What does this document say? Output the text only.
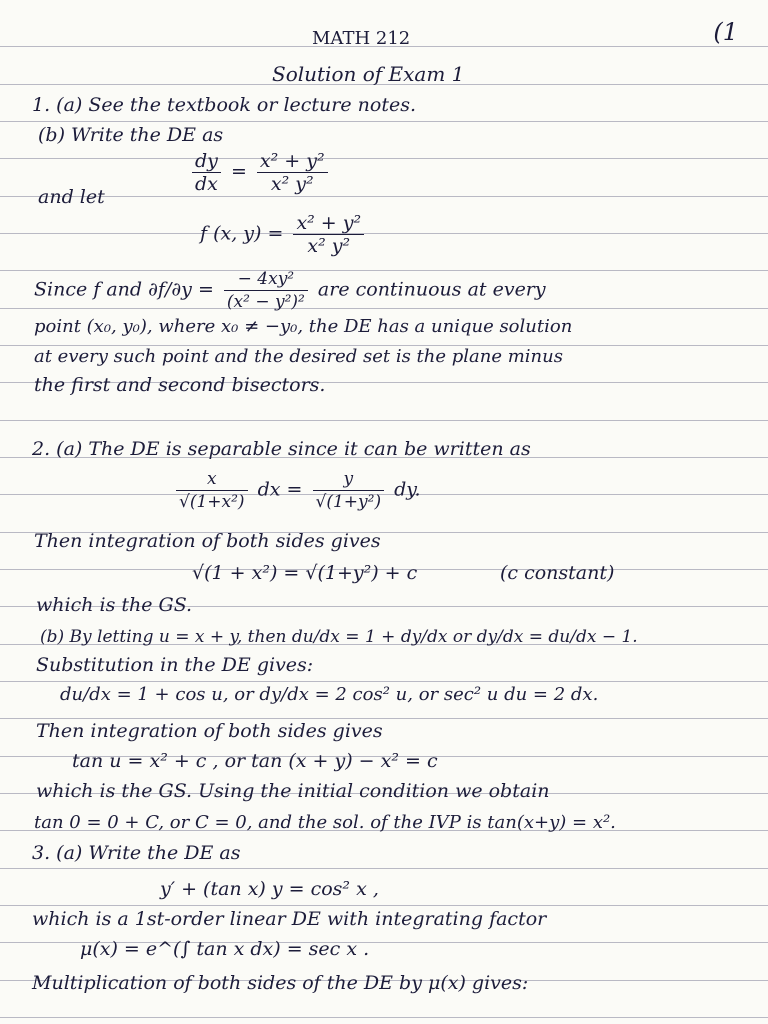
(1
MATH 212
Solution of Exam 1
1. (a) See the textbook or lecture notes.
(b) Write the DE as
$\frac{dy}{dx} = \frac{\text{x² + y²}}{\text{x² y²}}$
and let
f (x, $y) = \frac{\text{x² + y²}}{\text{x² y²}}$
Since f and $\partial f/\partial y = \frac{\text{− 4xy²}}{\text{(x² − y²)²}}$ are continuous at every
point (x₀, y₀), where x₀ ≠ −y₀, the DE has a unique solution
at every such point and the desired set is the plane minus
the first and second bisectors.
2. (a) The DE is separable since it can be written as
$\frac{x}{\text{√(1+x²)}}$ dx = $\frac{y}{\text{√(1+y²)}}$ dy.
Then integration of both sides gives
√(1 + x²) = √(1+y²) + c	(c constant)
which is the GS.
(b) By letting u = x + y, then du/dx = 1 + dy/dx or dy/dx = du/dx − 1.
Substitution in the DE gives:
du/dx = 1 + cos u, or dy/dx = 2 cos² u, or sec² u du = 2 dx.
Then integration of both sides gives
tan u = x² + c , or tan (x + y) − x² = c
which is the GS. Using the initial condition we obtain
tan 0 = 0 + C, or C = 0, and the sol. of the IVP is tan(x+y) = x².
3. (a) Write the DE as
y′ + (tan x) y = cos² x ,
which is a 1st-order linear DE with integrating factor
μ(x) = e^(∫ tan x dx) = sec x .
Multiplication of both sides of the DE by μ(x) gives:
